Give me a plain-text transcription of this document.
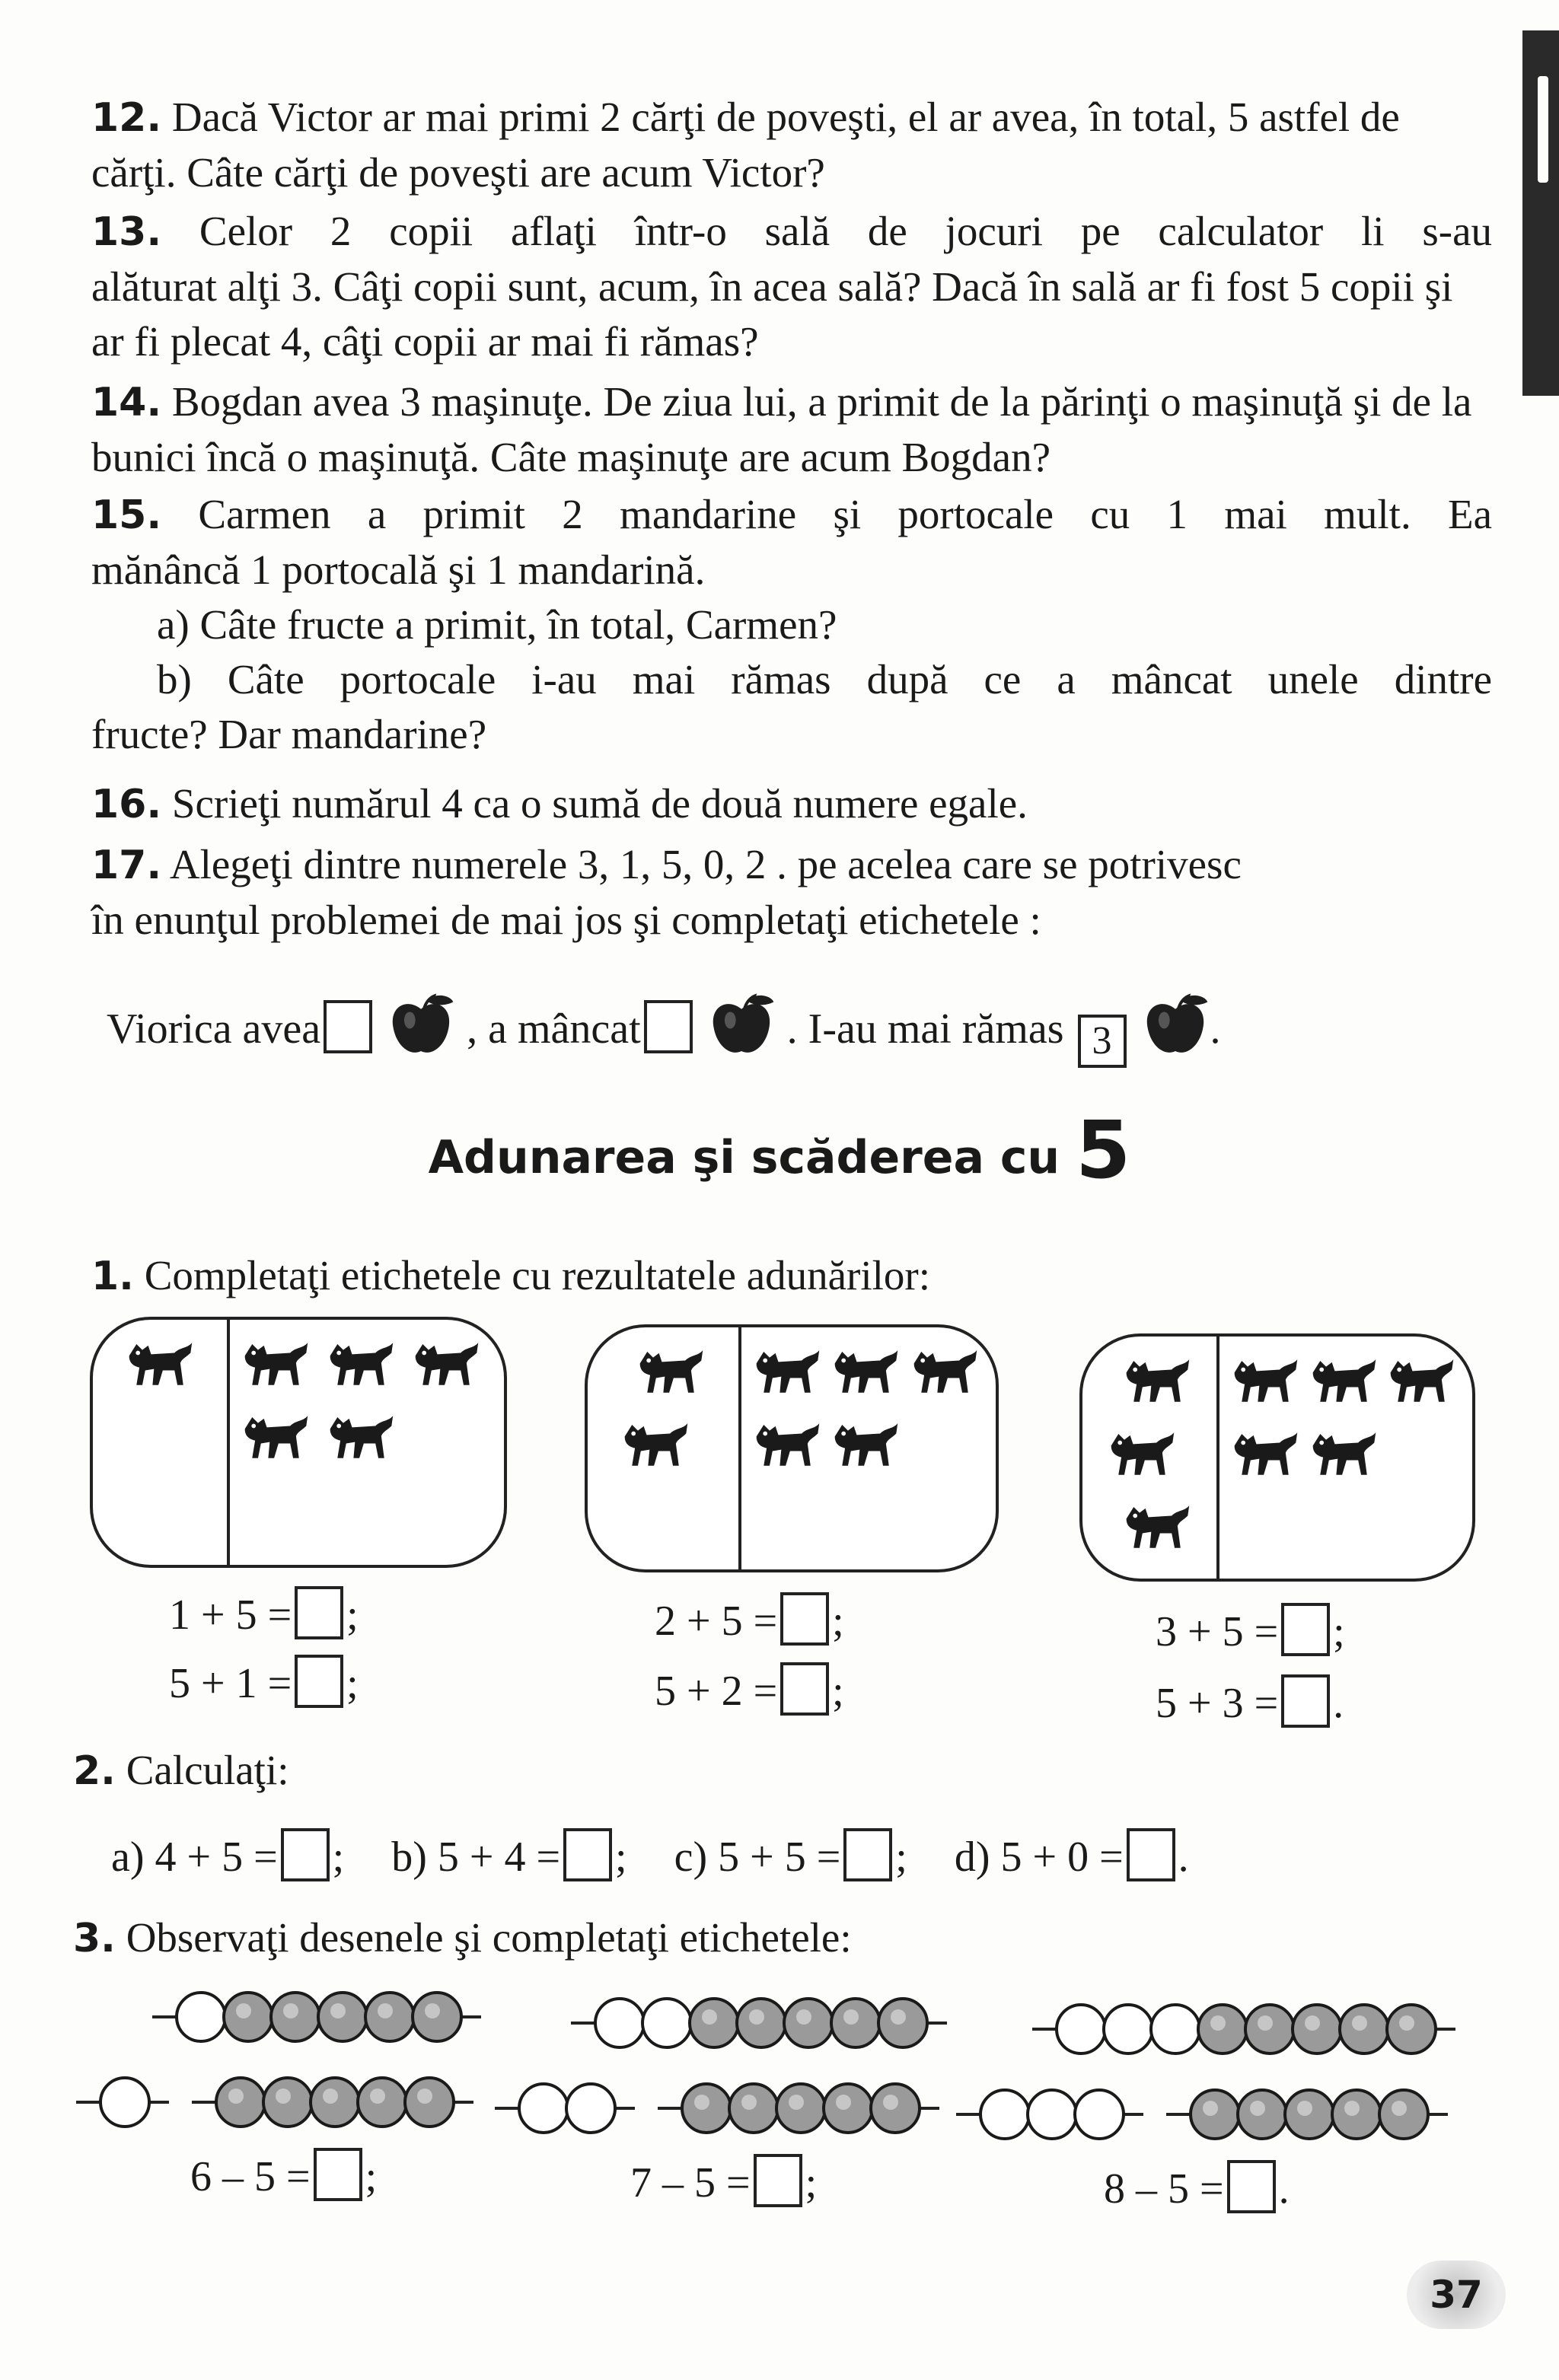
12. Dacă Victor ar mai primi 2 cărţi de poveşti, el ar avea, în total, 5 astfel de cărţi. Câte cărţi de poveşti are acum Victor?
13. Celor 2 copii aflaţi într-o sală de jocuri pe calculator li s-au
alăturat alţi 3. Câţi copii sunt, acum, în acea sală? Dacă în sală ar fi fost 5 copii şi ar fi plecat 4, câţi copii ar mai fi rămas?
14. Bogdan avea 3 maşinuţe. De ziua lui, a primit de la părinţi o maşinuţă şi de la bunici încă o maşinuţă. Câte maşinuţe are acum Bogdan?
15. Carmen a primit 2 mandarine şi portocale cu 1 mai mult. Ea
mănâncă 1 portocală şi 1 mandarină.
a) Câte fructe a primit, în total, Carmen?
b) Câte portocale i-au mai rămas după ce a mâncat unele dintre
fructe? Dar mandarine?
16. Scrieţi numărul 4 ca o sumă de două numere egale.
17. Alegeţi dintre numerele 3, 1, 5, 0, 2 . pe acelea care se potrivesc
în enunţul problemei de mai jos şi completaţi etichetele :
Viorica avea	, a mâncat	. I-au mai rămas 3 .
Adunarea şi scăderea cu 5
1. Completaţi etichetele cu rezultatele adunărilor:
1 + 5 = ;
5 + 1 = ;
2 + 5 = ;
5 + 2 = ;
3 + 5 = ;
5 + 3 = .
2. Calculaţi:
a) 4 + 5 = ; b) 5 + 4 = ; c) 5 + 5 = ; d) 5 + 0 = .
3. Observaţi desenele şi completaţi etichetele:
6 – 5 = ;	7 – 5 = ;	8 – 5 = .
37
